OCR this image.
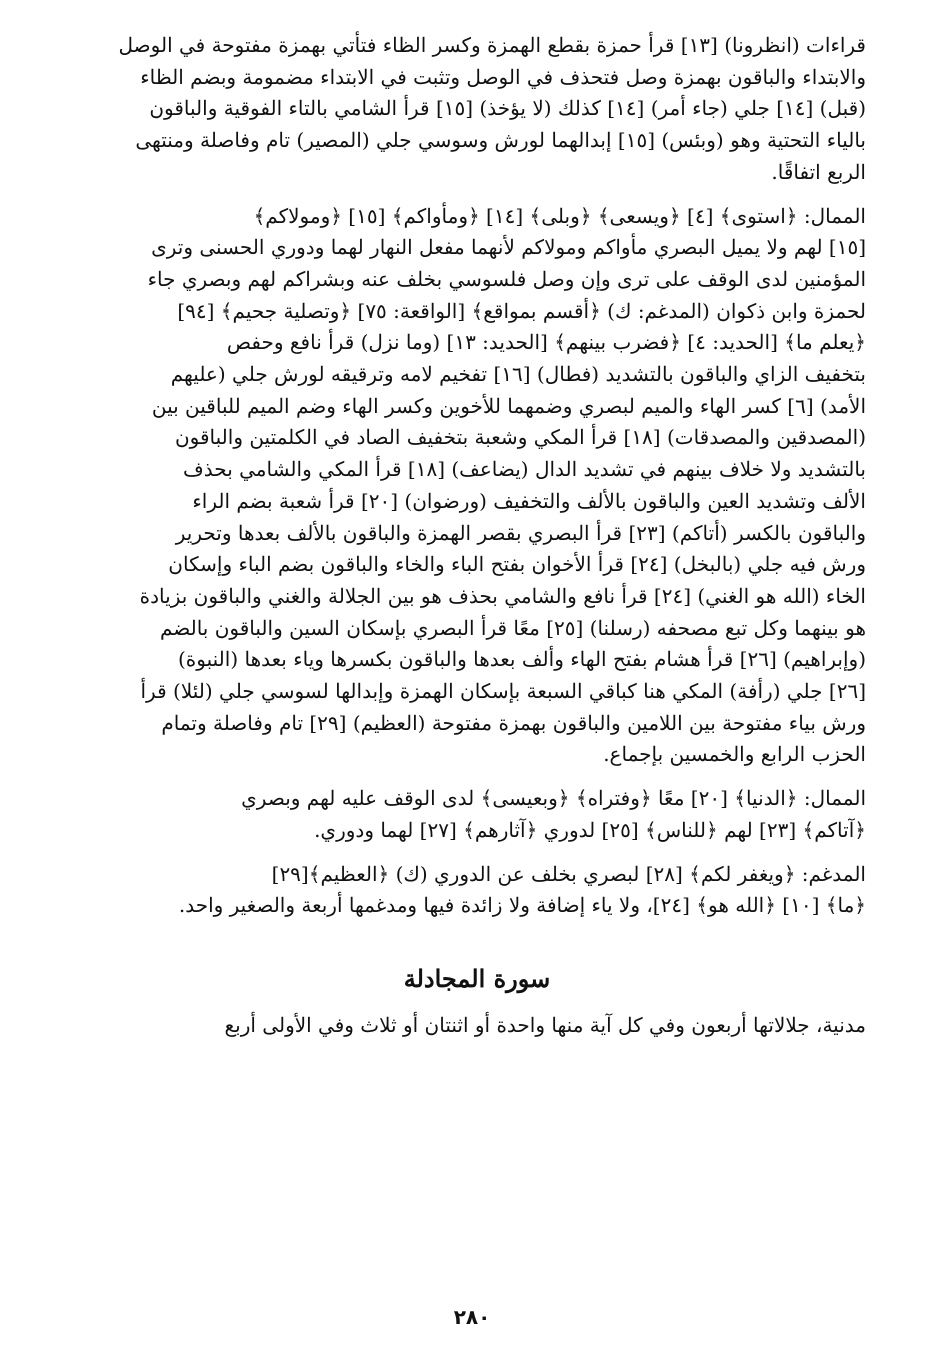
قراءات (انظرونا) [١٣] قرأ حمزة بقطع الهمزة وكسر الظاء فتأتي بهمزة مفتوحة في الوصل
والابتداء والباقون بهمزة وصل فتحذف في الوصل وتثبت في الابتداء مضمومة وبضم الظاء
(قبل) [١٤] جلي (جاء أمر) [١٤] كذلك (لا يؤخذ) [١٥] قرأ الشامي بالتاء الفوقية والباقون
بالياء التحتية وهو (وبئس) [١٥] إبدالهما لورش وسوسي جلي (المصير) تام وفاصلة ومنتهى
الربع اتفاقًا.

الممال: ﴿استوى﴾ [٤] ﴿ويسعى﴾ ﴿وبلى﴾ [١٤] ﴿ومأواكم﴾ [١٥] ﴿ومولاكم﴾
[١٥] لهم ولا يميل البصري مأواكم ومولاكم لأنهما مفعل النهار لهما ودوري الحسنى وترى
المؤمنين لدى الوقف على ترى وإن وصل فلسوسي بخلف عنه وبشراكم لهم وبصري جاء
لحمزة وابن ذكوان (المدغم: ك) ﴿أقسم بمواقع﴾ [الواقعة: ٧٥] ﴿وتصلية جحيم﴾ [٩٤]
﴿يعلم ما﴾ [الحديد: ٤] ﴿فضرب بينهم﴾ [الحديد: ١٣] (وما نزل) قرأ نافع وحفص
بتخفيف الزاي والباقون بالتشديد (فطال) [١٦] تفخيم لامه وترقيقه لورش جلي (عليهم
الأمد) [٦] كسر الهاء والميم لبصري وضمهما للأخوين وكسر الهاء وضم الميم للباقين بين
(المصدقين والمصدقات) [١٨] قرأ المكي وشعبة بتخفيف الصاد في الكلمتين والباقون
بالتشديد ولا خلاف بينهم في تشديد الدال (يضاعف) [١٨] قرأ المكي والشامي بحذف
الألف وتشديد العين والباقون بالألف والتخفيف (ورضوان) [٢٠] قرأ شعبة بضم الراء
والباقون بالكسر (أتاكم) [٢٣] قرأ البصري بقصر الهمزة والباقون بالألف بعدها وتحرير
ورش فيه جلي (بالبخل) [٢٤] قرأ الأخوان بفتح الباء والخاء والباقون بضم الباء وإسكان
الخاء (الله هو الغني) [٢٤] قرأ نافع والشامي بحذف هو بين الجلالة والغني والباقون بزيادة
هو بينهما وكل تبع مصحفه (رسلنا) [٢٥] معًا قرأ البصري بإسكان السين والباقون بالضم
(وإبراهيم) [٢٦] قرأ هشام بفتح الهاء وألف بعدها والباقون بكسرها وياء بعدها (النبوة)
[٢٦] جلي (رأفة) المكي هنا كباقي السبعة بإسكان الهمزة وإبدالها لسوسي جلي (لئلا) قرأ
ورش بياء مفتوحة بين اللامين والباقون بهمزة مفتوحة (العظيم) [٢٩] تام وفاصلة وتمام
الحزب الرابع والخمسين بإجماع.

الممال: ﴿الدنيا﴾ [٢٠] معًا ﴿وفتراه﴾ ﴿وبعيسى﴾ لدى الوقف عليه لهم وبصري
﴿آتاكم﴾ [٢٣] لهم ﴿للناس﴾ [٢٥] لدوري ﴿آثارهم﴾ [٢٧] لهما ودوري.

المدغم: ﴿ويغفر لكم﴾ [٢٨] لبصري بخلف عن الدوري (ك) ﴿العظيم﴾[٢٩]
﴿ما﴾ [١٠] ﴿الله هو﴾ [٢٤]، ولا ياء إضافة ولا زائدة فيها ومدغمها أربعة والصغير واحد.

سورة المجادلة

مدنية، جلالاتها أربعون وفي كل آية منها واحدة أو اثنتان أو ثلاث وفي الأولى أربع

٢٨٠
